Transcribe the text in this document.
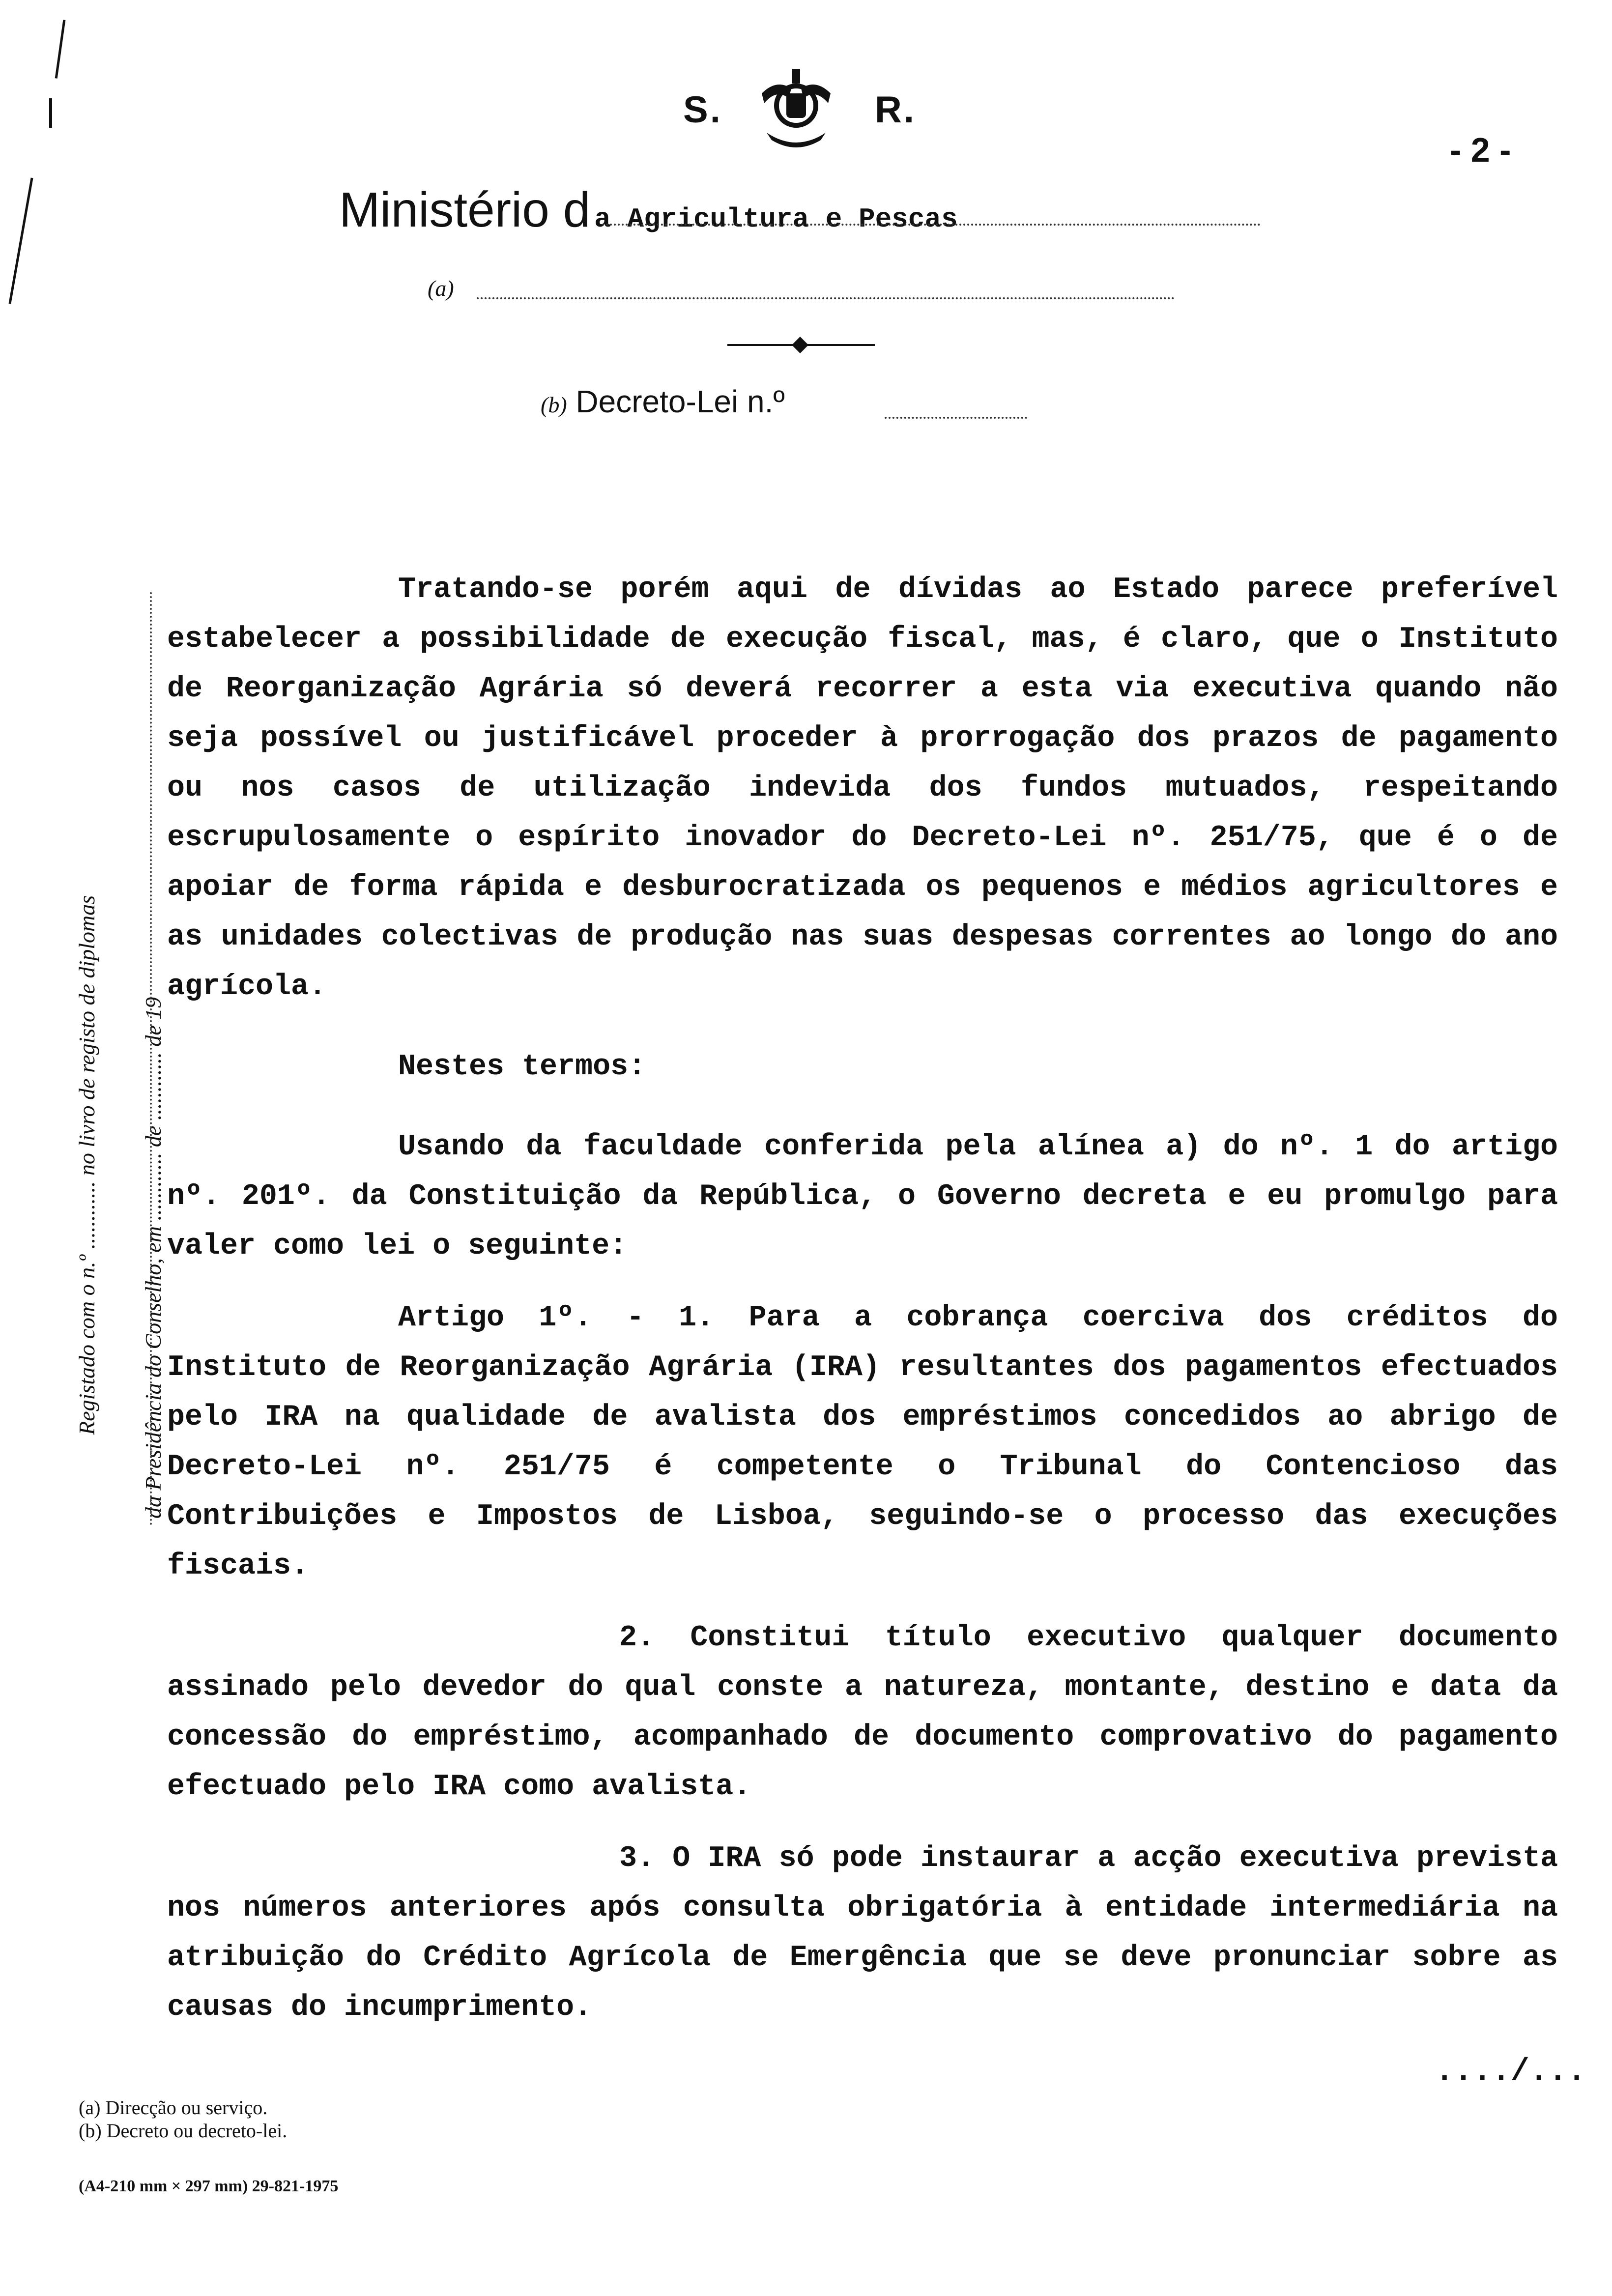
S.	R.
- 2 -
Ministério d a Agricultura e Pescas
(a)
(b) Decreto-Lei n.º
Registado com o n.º ............ no livro de registo de diplomas da Presidência do Conselho, em ............ de ............ de 19

Tratando-se porém aqui de dívidas ao Estado parece preferível estabelecer a possibilidade de execução fiscal, mas, é claro, que o Instituto de Reorganização Agrária só deverá recorrer a esta via executiva quando não seja possível ou justificável proceder à prorrogação dos prazos de pagamento ou nos casos de utilização indevida dos fundos mutuados, respeitando escrupulosamente o espírito inovador do Decreto-Lei nº. 251/75, que é o de apoiar de forma rápida e desburocratizada os pequenos e médios agricultores e as unidades colectivas de produção nas suas despesas correntes ao longo do ano agrícola.

Nestes termos:

Usando da faculdade conferida pela alínea a) do nº. 1 do artigo nº. 201º. da Constituição da República, o Governo decreta e eu promulgo para valer como lei o seguinte:

Artigo 1º. - 1. Para a cobrança coerciva dos créditos do Instituto de Reorganização Agrária (IRA) resultantes dos pagamentos efectuados pelo IRA na qualidade de avalista dos empréstimos concedidos ao abrigo de Decreto-Lei nº. 251/75 é competente o Tribunal do Contencioso das Contribuições e Impostos de Lisboa, seguindo-se o processo das execuções fiscais.

2. Constitui título executivo qualquer documento assinado pelo devedor do qual conste a natureza, montante, destino e data da concessão do empréstimo, acompanhado de documento comprovativo do pagamento efectuado pelo IRA como avalista.

3. O IRA só pode instaurar a acção executiva prevista nos números anteriores após consulta obrigatória à entidade intermediária na atribuição do Crédito Agrícola de Emergência que se deve pronunciar sobre as causas do incumprimento.

..../...
(a) Direcção ou serviço.
(b) Decreto ou decreto-lei.
(A4-210 mm × 297 mm) 29-821-1975
